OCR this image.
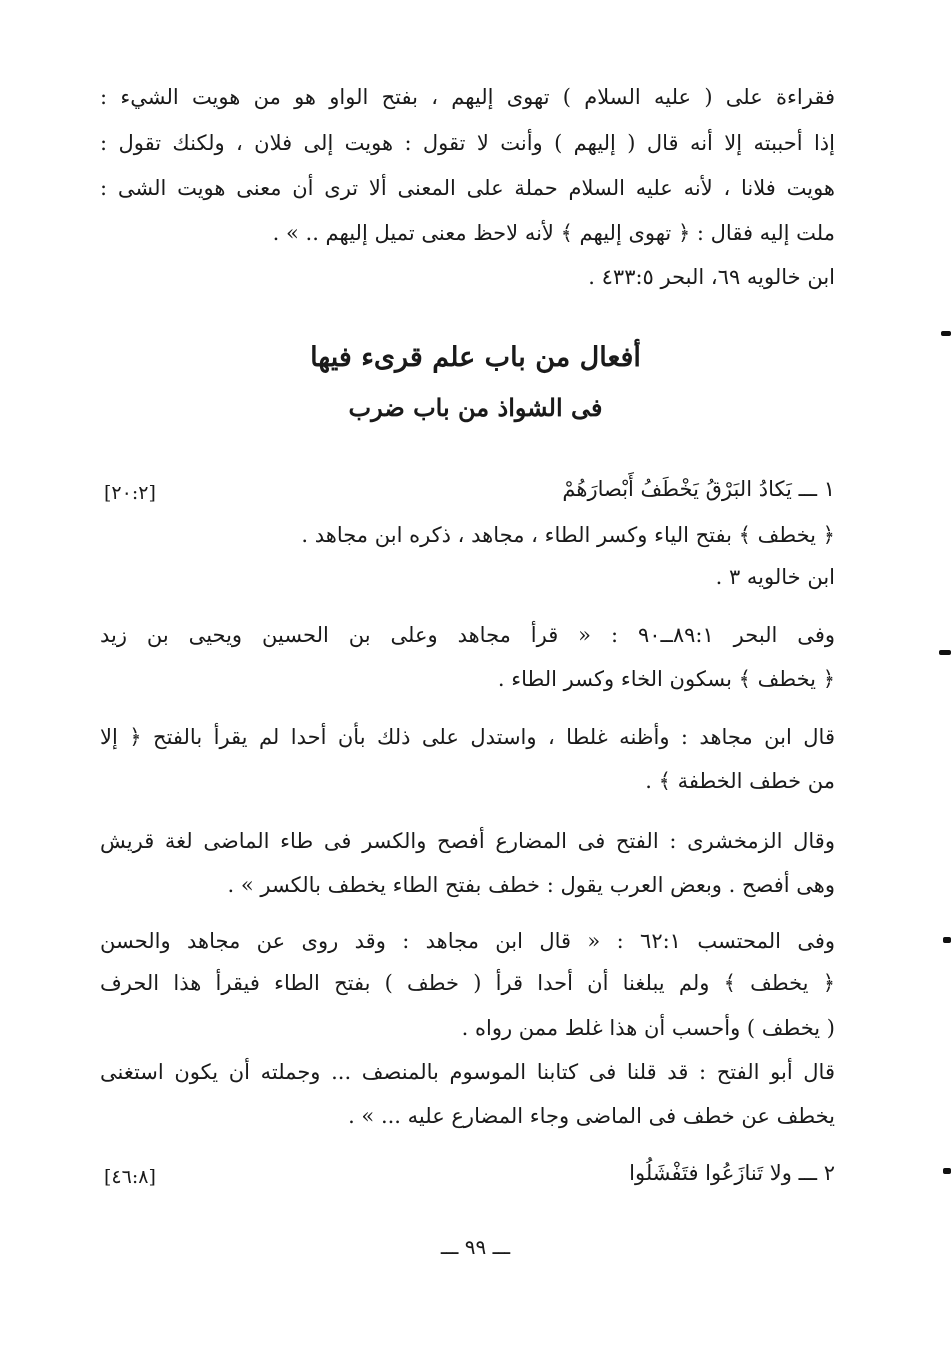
فقراءة على ( عليه السلام ) تهوى إليهم ، بفتح الواو هو من هويت الشيء :
إذا أحببته إلا أنه قال ( إليهم ) وأنت لا تقول : هويت إلى فلان ، ولكنك تقول :
هويت فلانا ، لأنه عليه السلام حملة على المعنى ألا ترى أن معنى هويت الشى :
ملت إليه فقال : ﴿ تهوى إليهم ﴾ لأنه لاحظ معنى تميل إليهم .. » .
ابن خالويه ٦٩، البحر ٤٣٣:٥ .
أفعال من باب علم قرىء فيها
فى الشواذ من باب ضرب
١ ـــ يَكادُ البَرْقُ يَخْطَفُ أَبْصارَهُمْ
[٢٠:٢]
﴿ يخطف ﴾ بفتح الياء وكسر الطاء ، مجاهد ، ذكره ابن مجاهد .
ابن خالويه ٣ .
وفى البحر ٨٩:١ــ٩٠ : « قرأ مجاهد وعلى بن الحسين ويحيى بن زيد
﴿ يخطف ﴾ بسكون الخاء وكسر الطاء .
قال ابن مجاهد : وأظنه غلطا ، واستدل على ذلك بأن أحدا لم يقرأ بالفتح ﴿ إلا
من خطف الخطفة ﴾ .
وقال الزمخشرى : الفتح فى المضارع أفصح والكسر فى طاء الماضى لغة قريش
وهى أفصح . وبعض العرب يقول : خطف بفتح الطاء يخطف بالكسر » .
وفى المحتسب ٦٢:١ : « قال ابن مجاهد : وقد روى عن مجاهد والحسن
﴿ يخطف ﴾ ولم يبلغنا أن أحدا قرأ ( خطف ) بفتح الطاء فيقرأ هذا الحرف
( يخطف ) وأحسب أن هذا غلط ممن رواه .
قال أبو الفتح : قد قلنا فى كتابنا الموسوم بالمنصف ... وجملته أن يكون استغنى
يخطف عن خطف فى الماضى وجاء المضارع عليه ... » .
٢ ـــ ولا تَنازَعُوا فتَفْشَلُوا
[٤٦:٨]
ـــ ٩٩ ـــ
